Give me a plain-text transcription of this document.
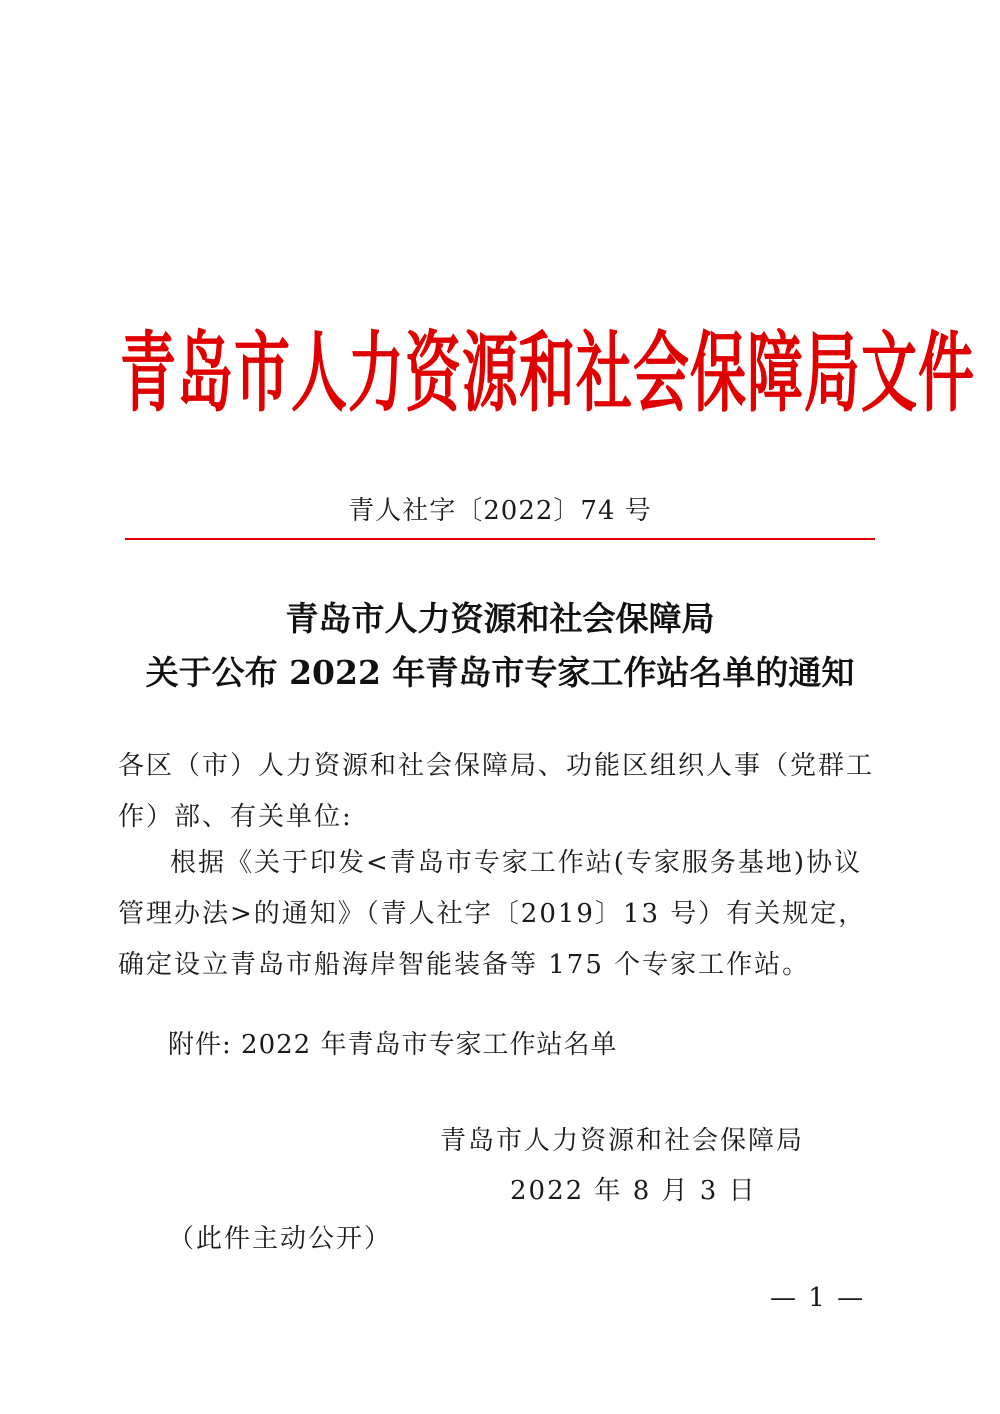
青岛市人力资源和社会保障局文件
青人社字〔2022〕74 号
青岛市人力资源和社会保障局
关于公布 2022 年青岛市专家工作站名单的通知
各区（市）人力资源和社会保障局、功能区组织人事（党群工作）部、有关单位:
根据《关于印发<青岛市专家工作站(专家服务基地)协议管理办法>的通知》（青人社字〔2019〕13 号）有关规定，确定设立青岛市船海岸智能装备等 175 个专家工作站。
附件: 2022 年青岛市专家工作站名单
青岛市人力资源和社会保障局
2022 年 8 月 3 日
（此件主动公开）
— 1 —
